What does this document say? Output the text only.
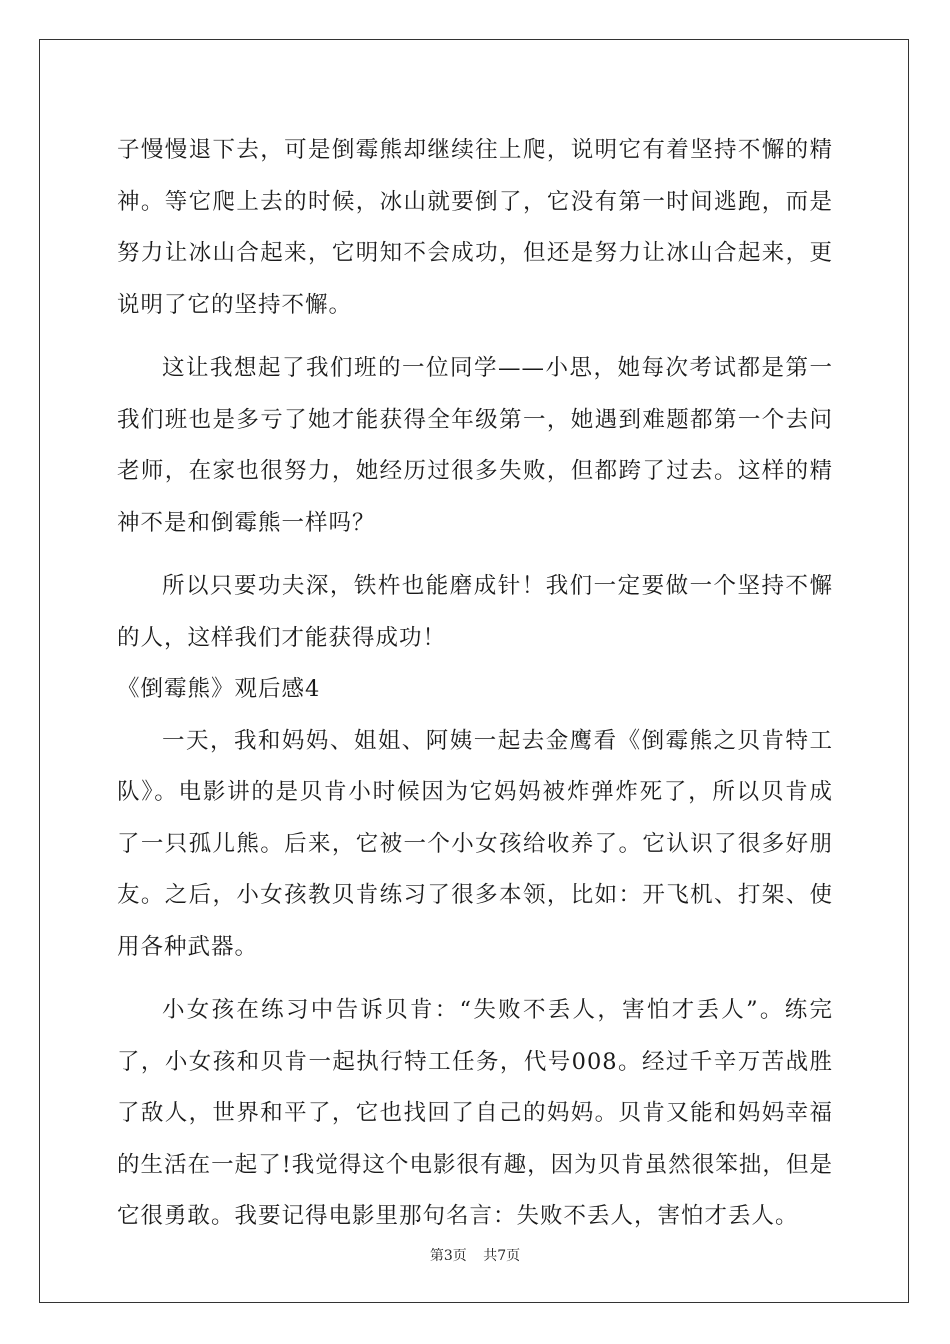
子慢慢退下去，可是倒霉熊却继续往上爬，说明它有着坚持不懈的精神。等它爬上去的时候，冰山就要倒了，它没有第一时间逃跑，而是努力让冰山合起来，它明知不会成功，但还是努力让冰山合起来，更说明了它的坚持不懈。

这让我想起了我们班的一位同学——小思，她每次考试都是第一我们班也是多亏了她才能获得全年级第一，她遇到难题都第一个去问老师，在家也很努力，她经历过很多失败，但都跨了过去。这样的精神不是和倒霉熊一样吗？

所以只要功夫深，铁杵也能磨成针！我们一定要做一个坚持不懈的人，这样我们才能获得成功！

《倒霉熊》观后感4

一天，我和妈妈、姐姐、阿姨一起去金鹰看《倒霉熊之贝肯特工队》。电影讲的是贝肯小时候因为它妈妈被炸弹炸死了，所以贝肯成了一只孤儿熊。后来，它被一个小女孩给收养了。它认识了很多好朋友。之后，小女孩教贝肯练习了很多本领，比如：开飞机、打架、使用各种武器。

小女孩在练习中告诉贝肯：“失败不丢人，害怕才丢人”。练完了，小女孩和贝肯一起执行特工任务，代号008。经过千辛万苦战胜了敌人，世界和平了，它也找回了自己的妈妈。贝肯又能和妈妈幸福的生活在一起了!我觉得这个电影很有趣，因为贝肯虽然很笨拙，但是它很勇敢。我要记得电影里那句名言：失败不丢人，害怕才丢人。

第3页 共7页
